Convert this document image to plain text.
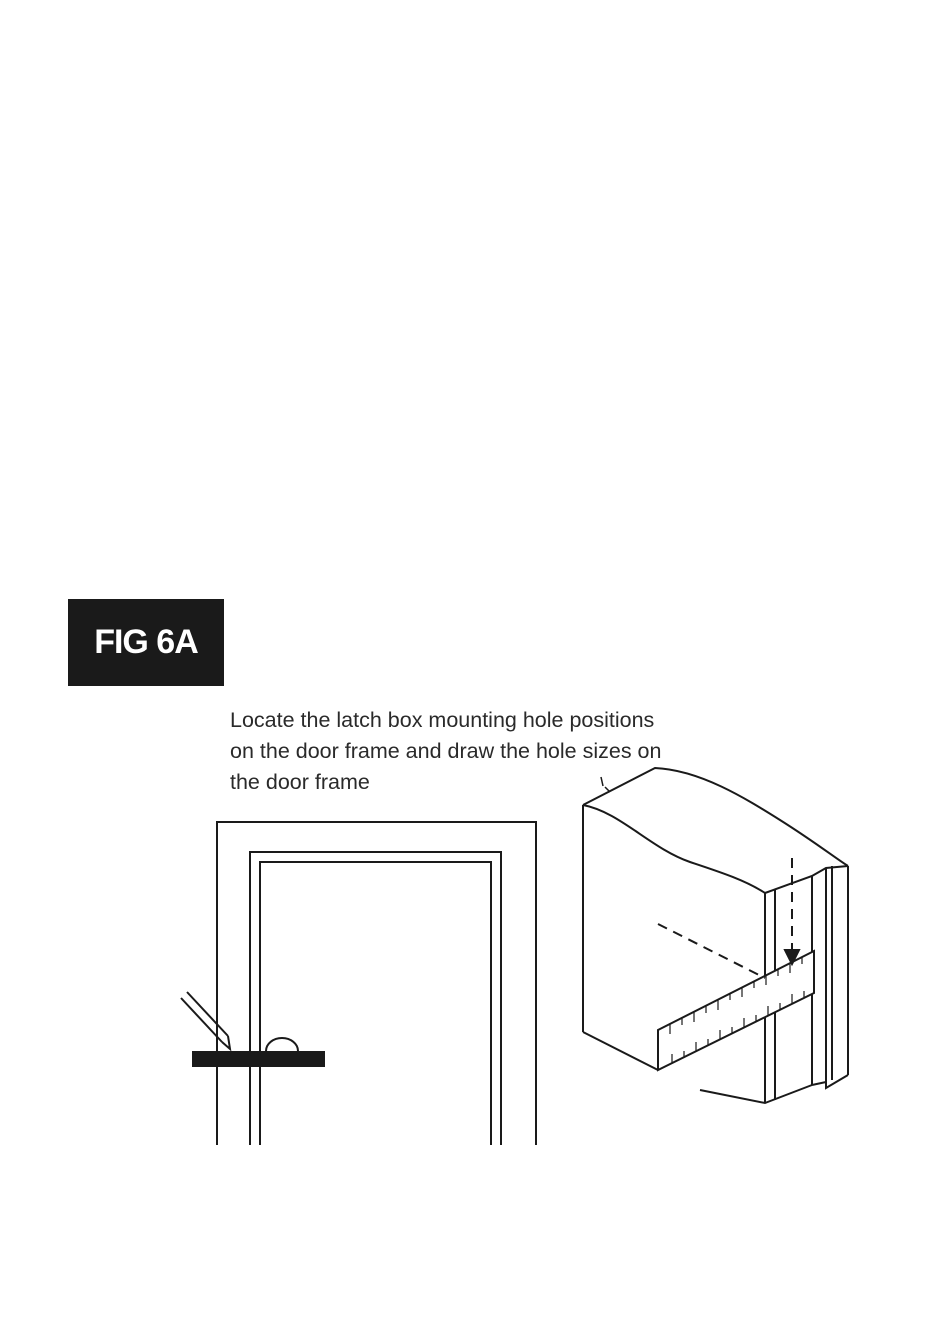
FIG 6A

Locate the latch box mounting hole positions
on the door frame and draw the hole sizes on
the door frame
